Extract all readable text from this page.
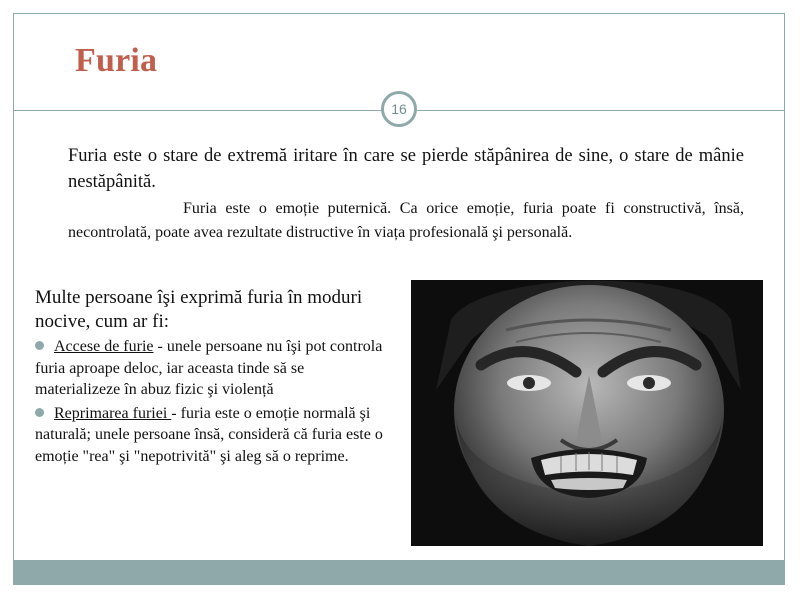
Furia
16
Furia este o stare de extremă iritare în care se pierde stăpânirea de sine, o stare de mânie nestăpânită.
Furia este o emoție puternică. Ca orice emoție, furia poate fi constructivă, însă, necontrolată, poate avea rezultate distructive în viața profesională şi personală.
Multe persoane îşi exprimă furia în moduri nocive, cum ar fi:
Accese de furie - unele persoane nu îşi pot controla furia aproape deloc, iar aceasta tinde să se materializeze în abuz fizic şi violență
Reprimarea furiei - furia este o emoție normală şi naturală; unele persoane însă, consideră că furia este o emoție "rea" şi "nepotrivită" şi aleg să o reprime.
